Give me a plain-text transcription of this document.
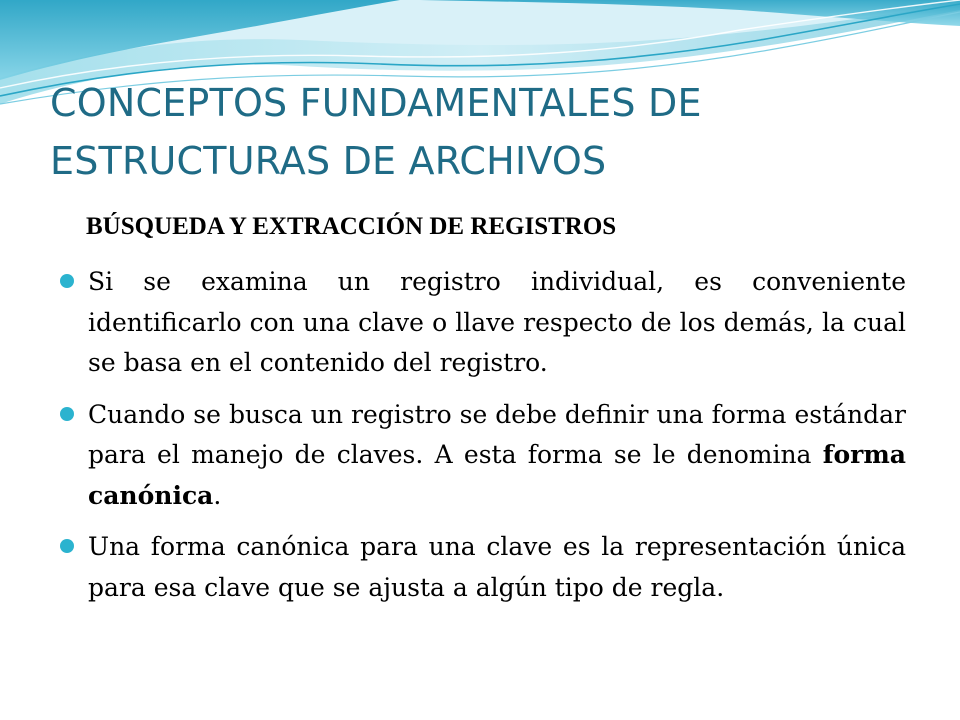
CONCEPTOS FUNDAMENTALES DE ESTRUCTURAS DE ARCHIVOS
BÚSQUEDA Y EXTRACCIÓN DE REGISTROS
Si se examina un registro individual, es conveniente identificarlo con una clave o llave respecto de los demás, la cual se basa en el contenido del registro.
Cuando se busca un registro se debe definir una forma estándar para el manejo de claves. A esta forma se le denomina forma canónica.
Una forma canónica para una clave es la representación única para esa clave que se ajusta a algún tipo de regla.
